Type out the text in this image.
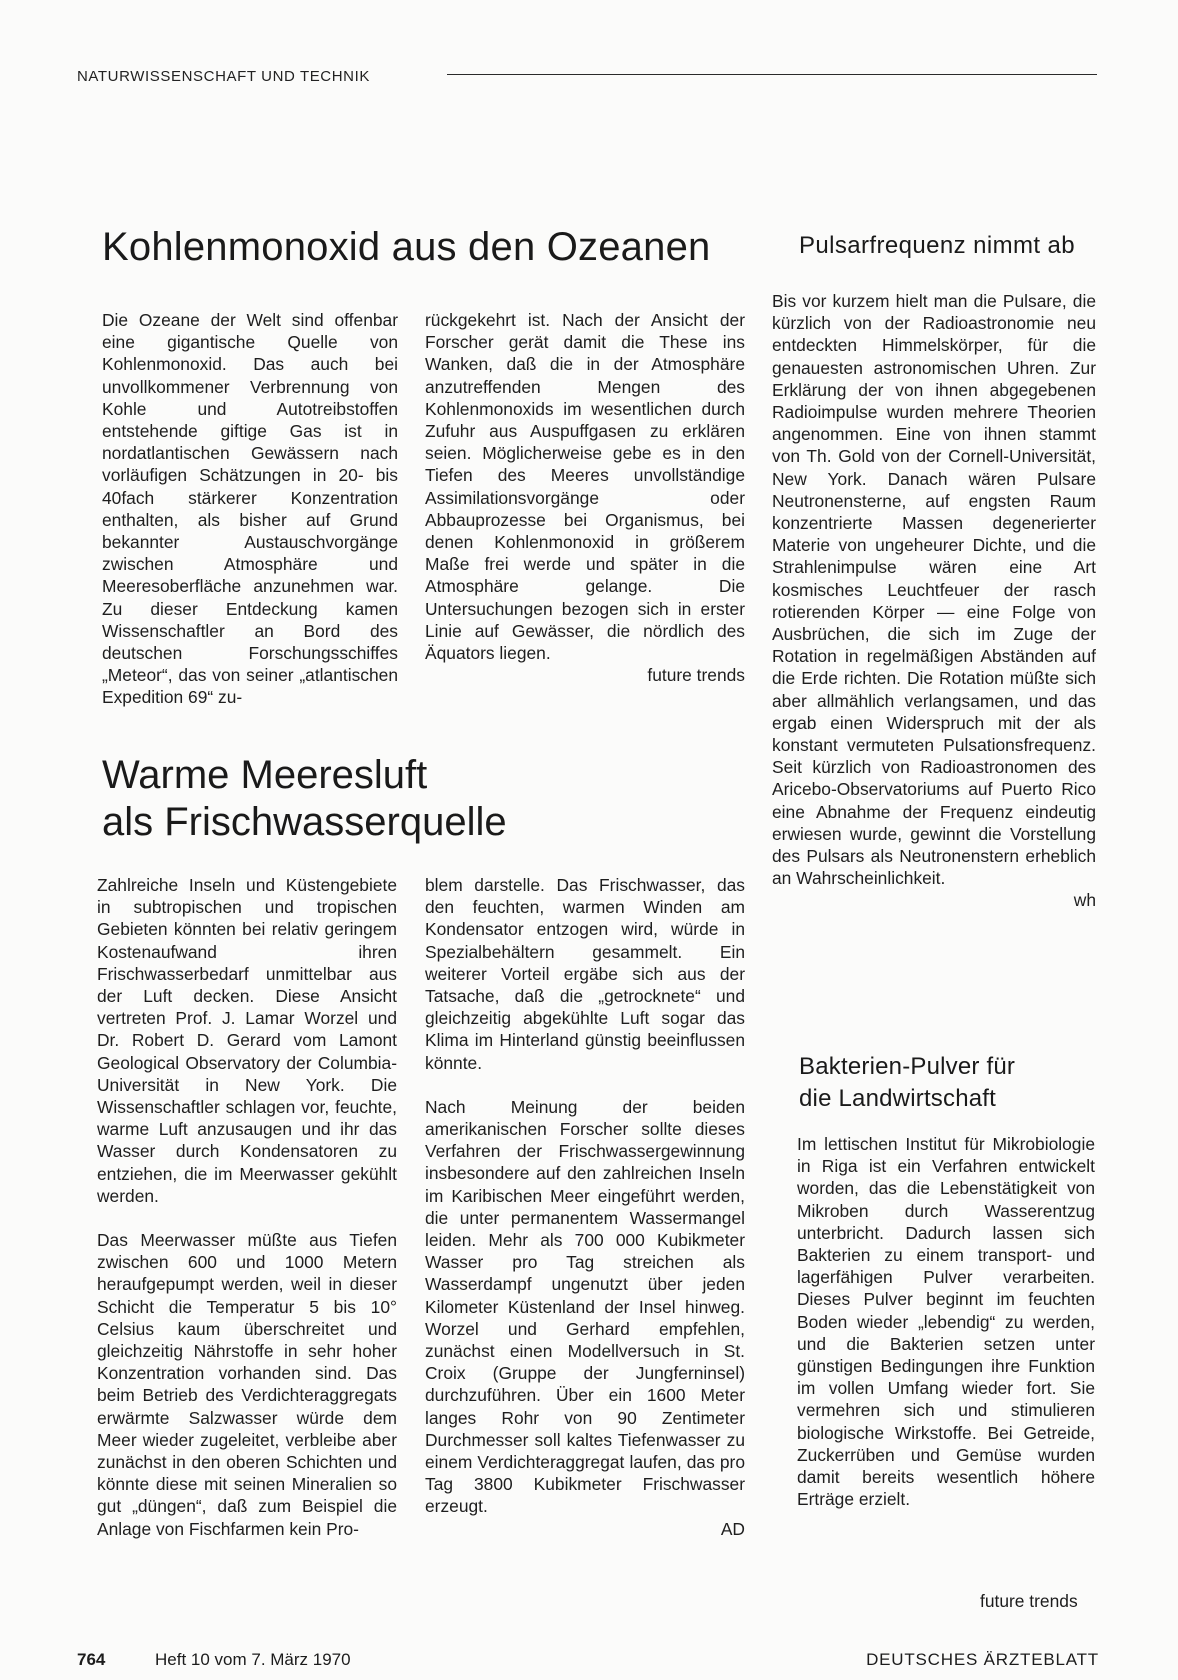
NATURWISSENSCHAFT UND TECHNIK
Kohlenmonoxid aus den Ozeanen

Die Ozeane der Welt sind offenbar eine gigantische Quelle von Kohlenmonoxid. Das auch bei unvollkommener Verbrennung von Kohle und Autotreibstoffen entstehende giftige Gas ist in nordatlantischen Gewässern nach vorläufigen Schätzungen in 20- bis 40fach stärkerer Konzentration enthalten, als bisher auf Grund bekannter Austauschvorgänge zwischen Atmosphäre und Meeresoberfläche anzunehmen war. Zu dieser Entdeckung kamen Wissenschaftler an Bord des deutschen Forschungsschiffes „Meteor“, das von seiner „atlantischen Expedition 69“ zu-

rückgekehrt ist. Nach der Ansicht der Forscher gerät damit die These ins Wanken, daß die in der Atmosphäre anzutreffenden Mengen des Kohlenmonoxids im wesentlichen durch Zufuhr aus Auspuffgasen zu erklären seien. Möglicherweise gebe es in den Tiefen des Meeres unvollständige Assimilationsvorgänge oder Abbauprozesse bei Organismus, bei denen Kohlenmonoxid in größerem Maße frei werde und später in die Atmosphäre gelange. Die Untersuchungen bezogen sich in erster Linie auf Gewässer, die nördlich des Äquators liegen.

future trends
Pulsarfrequenz nimmt ab

Bis vor kurzem hielt man die Pulsare, die kürzlich von der Radioastronomie neu entdeckten Himmelskörper, für die genauesten astronomischen Uhren. Zur Erklärung der von ihnen abgegebenen Radioimpulse wurden mehrere Theorien angenommen. Eine von ihnen stammt von Th. Gold von der Cornell-Universität, New York. Danach wären Pulsare Neutronensterne, auf engsten Raum konzentrierte Massen degenerierter Materie von ungeheurer Dichte, und die Strahlenimpulse wären eine Art kosmisches Leuchtfeuer der rasch rotierenden Körper — eine Folge von Ausbrüchen, die sich im Zuge der Rotation in regelmäßigen Abständen auf die Erde richten. Die Rotation müßte sich aber allmählich verlangsamen, und das ergab einen Widerspruch mit der als konstant vermuteten Pulsationsfrequenz. Seit kürzlich von Radioastronomen des Aricebo-Observatoriums auf Puerto Rico eine Abnahme der Frequenz eindeutig erwiesen wurde, gewinnt die Vorstellung des Pulsars als Neutronenstern erheblich an Wahrscheinlichkeit.

wh
Warme Meeresluft
als Frischwasserquelle

Zahlreiche Inseln und Küstengebiete in subtropischen und tropischen Gebieten könnten bei relativ geringem Kostenaufwand ihren Frischwasserbedarf unmittelbar aus der Luft decken. Diese Ansicht vertreten Prof. J. Lamar Worzel und Dr. Robert D. Gerard vom Lamont Geological Observatory der Columbia-Universität in New York. Die Wissenschaftler schlagen vor, feuchte, warme Luft anzusaugen und ihr das Wasser durch Kondensatoren zu entziehen, die im Meerwasser gekühlt werden.

Das Meerwasser müßte aus Tiefen zwischen 600 und 1000 Metern heraufgepumpt werden, weil in dieser Schicht die Temperatur 5 bis 10° Celsius kaum überschreitet und gleichzeitig Nährstoffe in sehr hoher Konzentration vorhanden sind. Das beim Betrieb des Verdichteraggregats erwärmte Salzwasser würde dem Meer wieder zugeleitet, verbleibe aber zunächst in den oberen Schichten und könnte diese mit seinen Mineralien so gut „düngen“, daß zum Beispiel die Anlage von Fischfarmen kein Pro-

blem darstelle. Das Frischwasser, das den feuchten, warmen Winden am Kondensator entzogen wird, würde in Spezialbehältern gesammelt. Ein weiterer Vorteil ergäbe sich aus der Tatsache, daß die „getrocknete“ und gleichzeitig abgekühlte Luft sogar das Klima im Hinterland günstig beeinflussen könnte.

Nach Meinung der beiden amerikanischen Forscher sollte dieses Verfahren der Frischwassergewinnung insbesondere auf den zahlreichen Inseln im Karibischen Meer eingeführt werden, die unter permanentem Wassermangel leiden. Mehr als 700 000 Kubikmeter Wasser pro Tag streichen als Wasserdampf ungenutzt über jeden Kilometer Küstenland der Insel hinweg. Worzel und Gerhard empfehlen, zunächst einen Modellversuch in St. Croix (Gruppe der Jungferninsel) durchzuführen. Über ein 1600 Meter langes Rohr von 90 Zentimeter Durchmesser soll kaltes Tiefenwasser zu einem Verdichteraggregat laufen, das pro Tag 3800 Kubikmeter Frischwasser erzeugt.

AD
Bakterien-Pulver für
die Landwirtschaft

Im lettischen Institut für Mikrobiologie in Riga ist ein Verfahren entwickelt worden, das die Lebenstätigkeit von Mikroben durch Wasserentzug unterbricht. Dadurch lassen sich Bakterien zu einem transport- und lagerfähigen Pulver verarbeiten. Dieses Pulver beginnt im feuchten Boden wieder „lebendig“ zu werden, und die Bakterien setzen unter günstigen Bedingungen ihre Funktion im vollen Umfang wieder fort. Sie vermehren sich und stimulieren biologische Wirkstoffe. Bei Getreide, Zuckerrüben und Gemüse wurden damit bereits wesentlich höhere Erträge erzielt.

future trends
764	Heft 10 vom 7. März 1970	DEUTSCHES ÄRZTEBLATT
